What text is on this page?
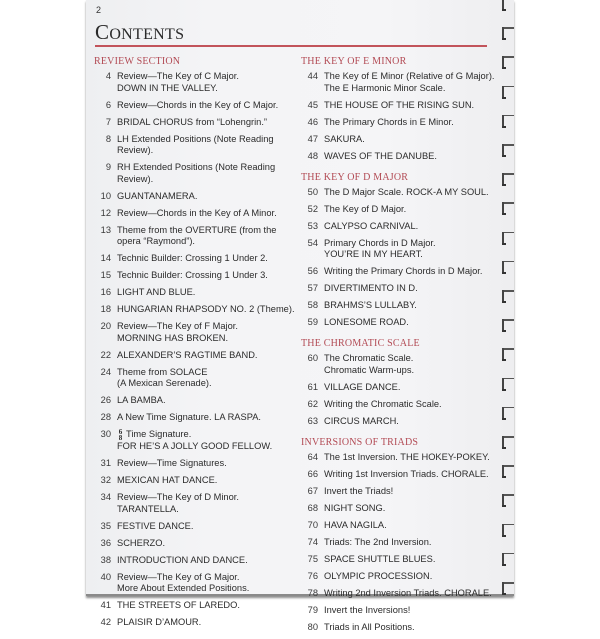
2
CONTENTS
REVIEW SECTION
4 Review—The Key of C Major.
DOWN IN THE VALLEY.
6 Review—Chords in the Key of C Major.
7 BRIDAL CHORUS from “Lohengrin.”
8 LH Extended Positions (Note Reading
Review).
9 RH Extended Positions (Note Reading
Review).
10 GUANTANAMERA.
12 Review—Chords in the Key of A Minor.
13 Theme from the OVERTURE (from the
opera “Raymond”).
14 Technic Builder: Crossing 1 Under 2.
15 Technic Builder: Crossing 1 Under 3.
16 LIGHT AND BLUE.
18 HUNGARIAN RHAPSODY NO. 2 (Theme).
20 Review—The Key of F Major.
MORNING HAS BROKEN.
22 ALEXANDER’S RAGTIME BAND.
24 Theme from SOLACE
(A Mexican Serenade).
26 LA BAMBA.
28 A New Time Signature. LA RASPA.
30	6
8 Time Signature.
FOR HE’S A JOLLY GOOD FELLOW.
31 Review—Time Signatures.
32 MEXICAN HAT DANCE.
34 Review—The Key of D Minor.
TARANTELLA.
35 FESTIVE DANCE.
36 SCHERZO.
38 INTRODUCTION AND DANCE.
40 Review—The Key of G Major.
More About Extended Positions.
41 THE STREETS OF LAREDO.
42 PLAISIR D’AMOUR.
THE KEY OF E MINOR
44 The Key of E Minor (Relative of G Major).
The E Harmonic Minor Scale.
45 THE HOUSE OF THE RISING SUN.
46 The Primary Chords in E Minor.
47 SAKURA.
48 WAVES OF THE DANUBE.
THE KEY OF D MAJOR
50 The D Major Scale. ROCK-A MY SOUL.
52 The Key of D Major.
53 CALYPSO CARNIVAL.
54 Primary Chords in D Major.
YOU’RE IN MY HEART.
56 Writing the Primary Chords in D Major.
57 DIVERTIMENTO IN D.
58 BRAHMS’S LULLABY.
59 LONESOME ROAD.
THE CHROMATIC SCALE
60 The Chromatic Scale.
Chromatic Warm-ups.
61 VILLAGE DANCE.
62 Writing the Chromatic Scale.
63 CIRCUS MARCH.
INVERSIONS OF TRIADS
64 The 1st Inversion. THE HOKEY-POKEY.
66 Writing 1st Inversion Triads. CHORALE.
67 Invert the Triads!
68 NIGHT SONG.
70 HAVA NAGILA.
74 Triads: The 2nd Inversion.
75 SPACE SHUTTLE BLUES.
76 OLYMPIC PROCESSION.
78 Writing 2nd Inversion Triads. CHORALE.
79 Invert the Inversions!
80 Triads in All Positions.
